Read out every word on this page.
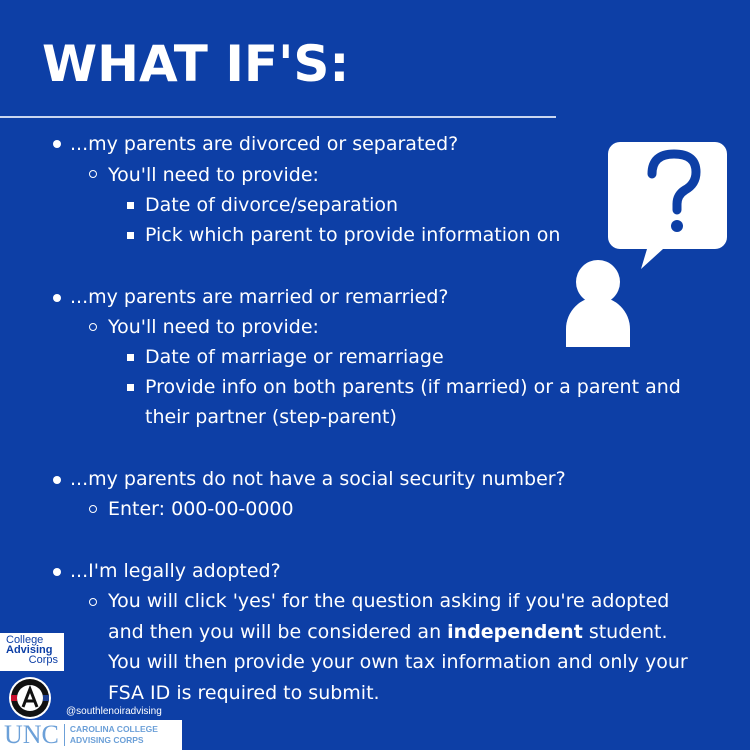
WHAT IF'S:
...my parents are divorced or separated?
You'll need to provide:
Date of divorce/separation
Pick which parent to provide information on
...my parents are married or remarried?
You'll need to provide:
Date of marriage or remarriage
Provide info on both parents (if married) or a parent and
their partner (step-parent)
...my parents do not have a social security number?
Enter: 000-00-0000
...I'm legally adopted?
You will click 'yes' for the question asking if you're adopted and then you will be considered an independent student. You will then provide your own tax information and only your FSA ID is required to submit.
College
Advising
Corps
@southlenoiradvising
UNC CAROLINA COLLEGE
ADVISING CORPS
